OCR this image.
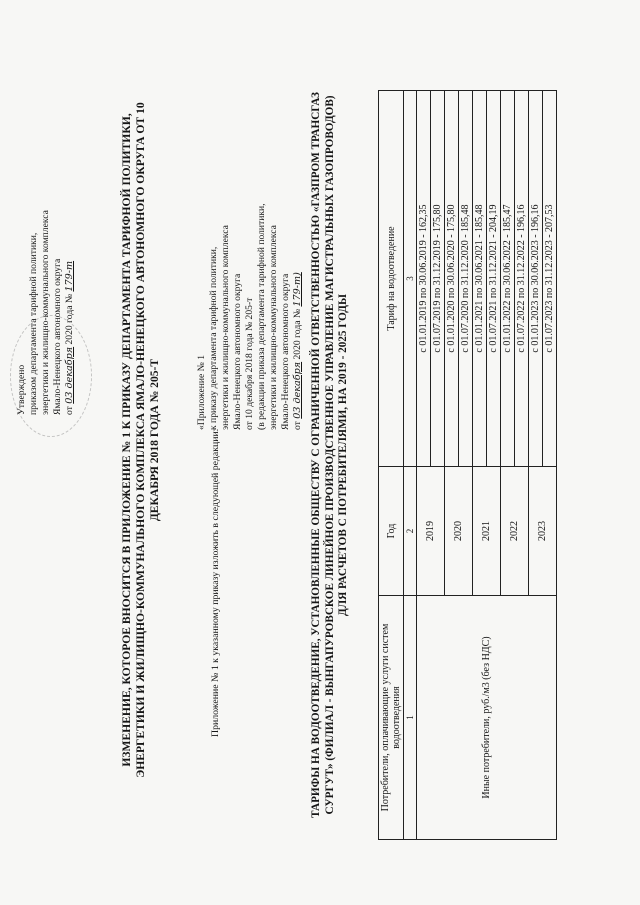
Утверждено приказом департамента тарифной политики, энергетики и жилищно-коммунального комплекса Ямало-Ненецкого автономного округа от 03 декабря 2020 года № 179-т	ИЗМЕНЕНИЕ, КОТОРОЕ ВНОСИТСЯ В ПРИЛОЖЕНИЕ № 1 К ПРИКАЗУ ДЕПАРТАМЕНТА ТАРИФНОЙ ПОЛИТИКИ, ЭНЕРГЕТИКИ И ЖИЛИЩНО-КОММУНАЛЬНОГО КОМПЛЕКСА ЯМАЛО-НЕНЕЦКОГО АВТОНОМНОГО ОКРУГА ОТ 10 ДЕКАБРЯ 2018 ГОДА № 205-Т	Приложение № 1 к указанному приказу изложить в следующей редакции:
«Приложение № 1 к приказу департамента тарифной политики, энергетики и жилищно-коммунального комплекса Ямало-Ненецкого автономного округа от 10 декабря 2018 года № 205-т (в редакции приказа департамента тарифной политики, энергетики и жилищно-коммунального комплекса Ямало-Ненецкого автономного округа от 03 декабря 2020 года № 179-т) ТАРИФЫ НА ВОДООТВЕДЕНИЕ, УСТАНОВЛЕННЫЕ ОБЩЕСТВУ С ОГРАНИЧЕННОЙ ОТВЕТСТВЕННОСТЬЮ «ГАЗПРОМ ТРАНСГАЗ СУРГУТ» (ФИЛИАЛ - ВЫНГАПУРОВСКОЕ ЛИНЕЙНОЕ ПРОИЗВОДСТВЕННОЕ УПРАВЛЕНИЕ МАГИСТРАЛЬНЫХ ГАЗОПРОВОДОВ) ДЛЯ РАСЧЕТОВ С ПОТРЕБИТЕЛЯМИ, НА 2019 - 2025 ГОДЫ
Потребители, оплачивающие услуги систем водоотведения	Год	Тариф на водоотведение
1	2	3
Иные потребители, руб./м3 (без НДС)	2019	с 01.01.2019 по 30.06.2019 - 162,35
		с 01.07.2019 по 31.12.2019 - 175,80
	2020	с 01.01.2020 по 30.06.2020 - 175,80
		с 01.07.2020 по 31.12.2020 - 185,48
	2021	с 01.01.2021 по 30.06.2021 - 185,48
		с 01.07.2021 по 31.12.2021 - 204,19
	2022	с 01.01.2022 по 30.06.2022 - 185,47
		с 01.07.2022 по 31.12.2022 - 196,16
	2023	с 01.01.2023 по 30.06.2023 - 196,16
		с 01.07.2023 по 31.12.2023 - 207,53
